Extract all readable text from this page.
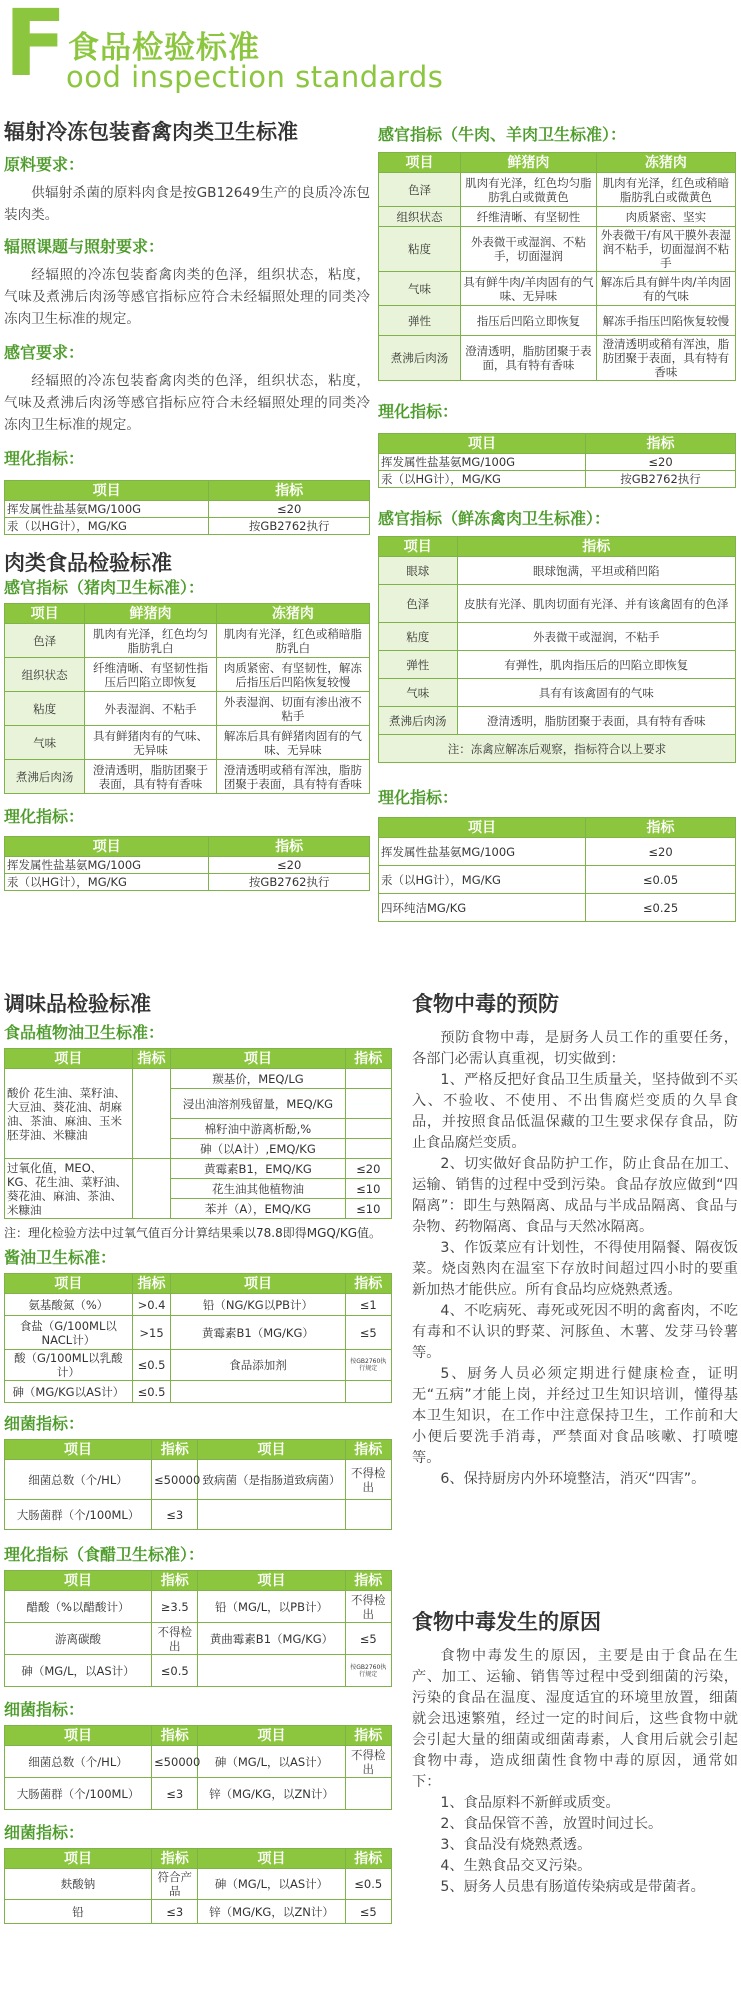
F 食品检验标准
ood inspection standards
辐射冷冻包装畜禽肉类卫生标准
原料要求：
供辐射杀菌的原料肉食是按GB12649生产的良质冷冻包装肉类。
辐照课题与照射要求：
经辐照的冷冻包装畜禽肉类的色泽，组织状态，粘度，气味及煮沸后肉汤等感官指标应符合未经辐照处理的同类冷冻肉卫生标准的规定。
感官要求：
经辐照的冷冻包装畜禽肉类的色泽，组织状态，粘度，气味及煮沸后肉汤等感官指标应符合未经辐照处理的同类冷冻肉卫生标准的规定。
理化指标：
项目	指标
挥发属性盐基氨MG/100G	≤20
汞（以HG计），MG/KG	按GB2762执行
肉类食品检验标准
感官指标（猪肉卫生标准）：
项目	鲜猪肉	冻猪肉
色泽	肌肉有光泽，红色均匀脂肪乳白	肌肉有光泽，红色或稍暗脂肪乳白
组织状态	纤维清晰、有坚韧性指压后凹陷立即恢复	肉质紧密、有坚韧性，解冻后指压后凹陷恢复较慢
粘度	外表湿润、不粘手	外表湿润、切面有渗出液不粘手
气味	具有鲜猪肉有的气味、无异味	解冻后具有鲜猪肉固有的气味、无异味
煮沸后肉汤	澄清透明，脂肪团聚于表面，具有特有香味	澄清透明或稍有浑浊，脂肪团聚于表面，具有特有香味
理化指标：
项目	指标
挥发属性盐基氨MG/100G	≤20
汞（以HG计），MG/KG	按GB2762执行
感官指标（牛肉、羊肉卫生标准）：
项目	鲜猪肉	冻猪肉
色泽	肌肉有光泽，红色均匀脂肪乳白或微黄色	肌肉有光泽，红色或稍暗脂肪乳白或微黄色
组织状态	纤维清晰、有坚韧性	肉质紧密、坚实
粘度	外表微干或湿润、不粘手，切面湿润	外表微干/有风干膜外表湿润不粘手，切面湿润不粘手
气味	具有鲜牛肉/羊肉固有的气味、无异味	解冻后具有鲜牛肉/羊肉固有的气味
弹性	指压后凹陷立即恢复	解冻手指压凹陷恢复较慢
煮沸后肉汤	澄清透明，脂肪团聚于表面，具有特有香味	澄清透明或稍有浑浊，脂肪团聚于表面，具有特有香味
理化指标：
项目	指标
挥发属性盐基氨MG/100G	≤20
汞（以HG计），MG/KG	按GB2762执行
感官指标（鲜冻禽肉卫生标准）：
项目	指标
眼球	眼球饱满，平坦或稍凹陷
色泽	皮肤有光泽、肌肉切面有光泽、并有该禽固有的色泽
粘度	外表微干或湿润，不粘手
弹性	有弹性，肌肉指压后的凹陷立即恢复
气味	具有有该禽固有的气味
煮沸后肉汤	澄清透明，脂肪团聚于表面，具有特有香味
注：冻禽应解冻后观察，指标符合以上要求	
理化指标：
项目	指标
挥发属性盐基氨MG/100G	≤20
汞（以HG计），MG/KG	≤0.05
四环纯洁MG/KG	≤0.25
调味品检验标准
食品植物油卫生标准：
项目	指标	项目	指标
酸价 花生油、菜籽油、大豆油、葵花油、胡麻油、茶油、麻油、玉米胚芽油、米糠油		羰基价，MEQ/LG	
		浸出油溶剂残留量，MEQ/KG	
		棉籽油中游离析酚,%	
		砷（以A计）,EMQ/KG	
过氧化值，MEO、KG、花生油、菜籽油、葵花油、麻油、茶油、米糠油		黄霉素B1，EMQ/KG	≤20
		花生油其他植物油	≤10
		苯并（A），EMQ/KG	≤10
注：理化检验方法中过氧气值百分计算结果乘以78.8即得MGQ/KG值。
酱油卫生标准：
项目	指标	项目	指标
氨基酸氮（%）	>0.4	铅（NG/KG以PB计）	≤1
食盐（G/100ML以NACL计）	>15	黄霉素B1（MG/KG）	≤5
酸（G/100ML以乳酸计）	≤0.5	食品添加剂	按GB2760执行规定
砷（MG/KG以AS计）	≤0.5		
细菌指标：
项目	指标	项目	指标
细菌总数（个/HL）	≤50000	致病菌（是指肠道致病菌）	不得检出
大肠菌群（个/100ML）	≤3		
理化指标（食醋卫生标准）：
项目	指标	项目	指标
醋酸（%以醋酸计）	≥3.5	铅（MG/L，以PB计）	不得检出
游离碳酸	不得检出	黄曲霉素B1（MG/KG）	≤5
砷（MG/L，以AS计）	≤0.5		按GB2760执行规定
细菌指标：
项目	指标	项目	指标
细菌总数（个/HL）	≤50000	砷（MG/L，以AS计）	不得检出
大肠菌群（个/100ML）	≤3	锌（MG/KG，以ZN计）	
细菌指标：
项目	指标	项目	指标
麸酸钠	符合产品	砷（MG/L，以AS计）	≤0.5
铅	≤3	锌（MG/KG，以ZN计）	≤5
食物中毒的预防
预防食物中毒，是厨务人员工作的重要任务，各部门必需认真重视，切实做到：
1、严格反把好食品卫生质量关，坚持做到不买入、不验收、不使用、不出售腐烂变质的久旱食品，并按照食品低温保藏的卫生要求保存食品，防止食品腐烂变质。
2、切实做好食品防护工作，防止食品在加工、运输、销售的过程中受到污染。食品存放应做到“四隔离”：即生与熟隔离、成品与半成品隔离、食品与杂物、药物隔离、食品与天然冰隔离。
3、作饭菜应有计划性，不得使用隔餐、隔夜饭菜。烧卤熟肉在温室下存放时间超过四小时的要重新加热才能供应。所有食品均应烧熟煮透。
4、不吃病死、毒死或死因不明的禽畜肉，不吃有毒和不认识的野菜、河豚鱼、木薯、发芽马铃薯等。
5、厨务人员必须定期进行健康检查，证明无“五病”才能上岗，并经过卫生知识培训，懂得基本卫生知识，在工作中注意保持卫生，工作前和大小便后要洗手消毒，严禁面对食品咳嗽、打喷嚏等。
6、保持厨房内外环境整洁，消灭“四害”。
食物中毒发生的原因
食物中毒发生的原因，主要是由于食品在生产、加工、运输、销售等过程中受到细菌的污染，污染的食品在温度、湿度适宜的环境里放置，细菌就会迅速繁殖，经过一定的时间后，这些食物中就会引起大量的细菌或细菌毒素，人食用后就会引起食物中毒，造成细菌性食物中毒的原因，通常如下：
1、食品原料不新鲜或质变。
2、食品保管不善，放置时间过长。
3、食品没有烧熟煮透。
4、生熟食品交叉污染。
5、厨务人员患有肠道传染病或是带菌者。
